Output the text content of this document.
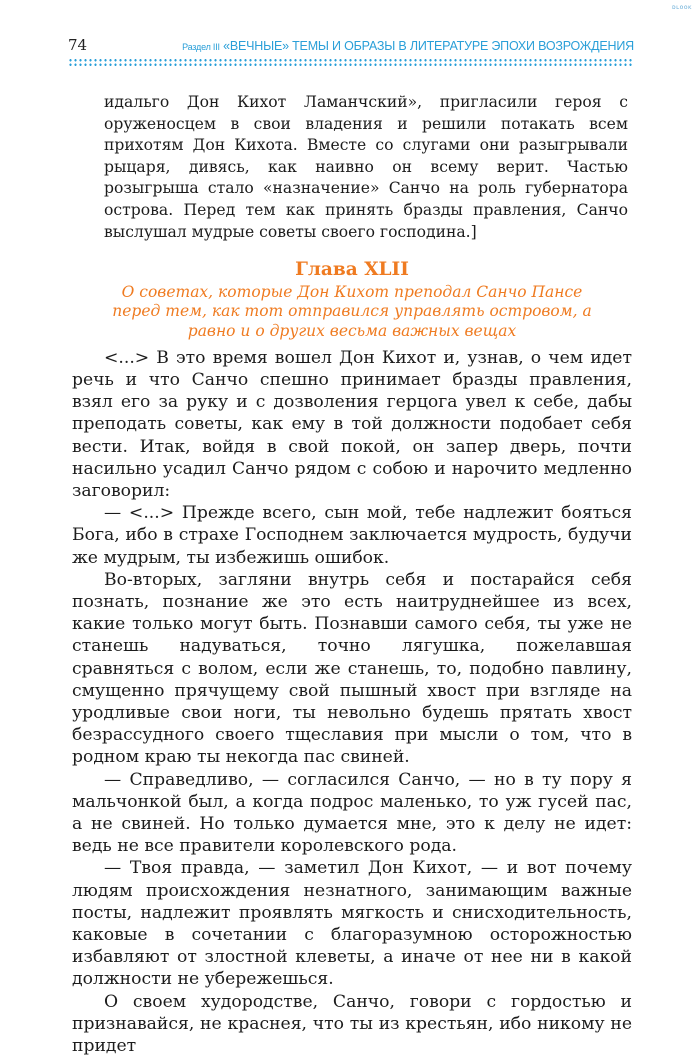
ᴅʟᴏᴏᴋ
74	Раздел III «ВЕЧНЫЕ» ТЕМЫ И ОБРАЗЫ В ЛИТЕРАТУРЕ ЭПОХИ ВОЗРОЖДЕНИЯ

идальго Дон Кихот Ламанчский», пригласили героя с оруженосцем в свои владения и решили потакать всем прихотям Дон Кихота. Вместе со слугами они разыгрывали рыцаря, дивясь, как наивно он всему верит. Частью розыгрыша стало «назначение» Санчо на роль губернатора острова. Перед тем как принять бразды правления, Санчо выслушал мудрые советы своего господина.]

Глава XLII

О советах, которые Дон Кихот преподал Санчо Пансе перед тем, как тот отправился управлять островом, а равно и о других весьма важных вещах

<...> В это время вошел Дон Кихот и, узнав, о чем идет речь и что Санчо спешно принимает бразды правления, взял его за руку и с дозволения герцога увел к себе, дабы преподать советы, как ему в той должности подобает себя вести. Итак, войдя в свой покой, он запер дверь, почти насильно усадил Санчо рядом с собою и нарочито медленно заговорил:

— <...> Прежде всего, сын мой, тебе надлежит бояться Бога, ибо в страхе Господнем заключается мудрость, будучи же мудрым, ты избежишь ошибок.

Во-вторых, загляни внутрь себя и постарайся себя познать, познание же это есть наитруднейшее из всех, какие только могут быть. Познавши самого себя, ты уже не станешь надуваться, точно лягушка, пожелавшая сравняться с волом, если же станешь, то, подобно павлину, смущенно прячущему свой пышный хвост при взгляде на уродливые свои ноги, ты невольно будешь прятать хвост безрассудного своего тщеславия при мысли о том, что в родном краю ты некогда пас свиней.

— Справедливо, — согласился Санчо, — но в ту пору я мальчонкой был, а когда подрос маленько, то уж гусей пас, а не свиней. Но только думается мне, это к делу не идет: ведь не все правители королевского рода.

— Твоя правда, — заметил Дон Кихот, — и вот почему людям происхождения незнатного, занимающим важные посты, надлежит проявлять мягкость и снисходительность, каковые в сочетании с благоразумною осторожностью избавляют от злостной клеветы, а иначе от нее ни в какой должности не убережешься.

О своем худородстве, Санчо, говори с гордостью и признавайся, не краснея, что ты из крестьян, ибо никому не придет
